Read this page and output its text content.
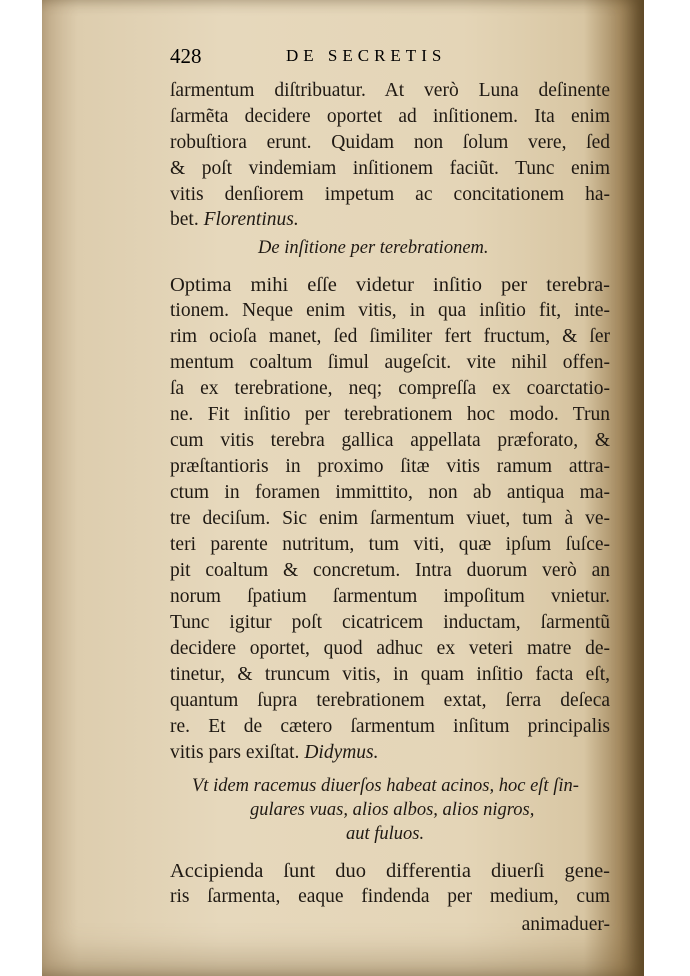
428	DE SECRETIS
ſarmentum diſtribuatur. At verò Luna deſinente
ſarmẽta decidere oportet ad inſitionem. Ita enim
robuſtiora erunt. Quidam non ſolum vere, ſed
& poſt vindemiam inſitionem faciũt. Tunc enim
vitis denſiorem impetum ac concitationem ha-
bet. Florentinus.
De inſitione per terebrationem.
Optima mihi eſſe videtur inſitio per terebra-
tionem. Neque enim vitis, in qua inſitio fit, inte-
rim ocioſa manet, ſed ſimiliter fert fructum, & ſer
mentum coaltum ſimul augeſcit. vite nihil offen-
ſa ex terebratione, neq; compreſſa ex coarctatio-
ne. Fit inſitio per terebrationem hoc modo. Trun
cum vitis terebra gallica appellata præforato, &
præſtantioris in proximo ſitæ vitis ramum attra-
ctum in foramen immittito, non ab antiqua ma-
tre deciſum. Sic enim ſarmentum viuet, tum à ve-
teri parente nutritum, tum viti, quæ ipſum ſuſce-
pit coaltum & concretum. Intra duorum verò an
norum ſpatium ſarmentum impoſitum vnietur.
Tunc igitur poſt cicatricem inductam, ſarmentũ
decidere oportet, quod adhuc ex veteri matre de-
tinetur, & truncum vitis, in quam inſitio facta eſt,
quantum ſupra terebrationem extat, ſerra deſeca
re. Et de cætero ſarmentum inſitum principalis
vitis pars exiſtat. Didymus.
Vt idem racemus diuerſos habeat acinos, hoc eſt ſin-
gulares vuas, alios albos, alios nigros,
aut fuluos.
Accipienda ſunt duo differentia diuerſi gene-
ris ſarmenta, eaque findenda per medium, cum
animaduer-
